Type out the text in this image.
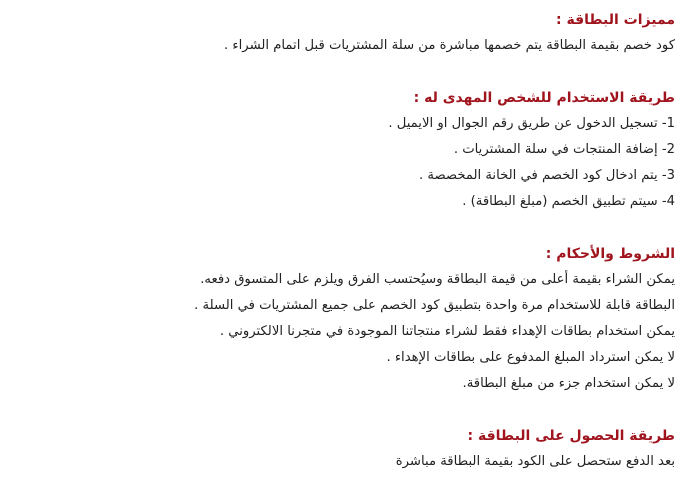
مميزات البطاقة :

كود خصم بقيمة البطاقة يتم خصمها مباشرة من سلة المشتريات قبل اتمام الشراء .

طريقة الاستخدام للشخص المهدى له :

1- تسجيل الدخول عن طريق رقم الجوال او الايميل .

2- إضافة المنتجات في سلة المشتريات .

3- يتم ادخال كود الخصم في الخانة المخصصة .

4- سيتم تطبيق الخصم (مبلغ البطاقة) .

الشروط والأحكام :

يمكن الشراء بقيمة أعلى من قيمة البطاقة وسيُحتسب الفرق ويلزم على المتسوق دفعه.

البطاقة قابلة للاستخدام مرة واحدة بتطبيق كود الخصم على جميع المشتريات في السلة .

يمكن استخدام بطاقات الإهداء فقط لشراء منتجاتنا الموجودة في متجرنا الالكتروني .

لا يمكن استرداد المبلغ المدفوع على بطاقات الإهداء .

لا يمكن استخدام جزء من مبلغ البطاقة.

طريقة الحصول على البطاقة :

بعد الدفع ستحصل على الكود بقيمة البطاقة مباشرة
